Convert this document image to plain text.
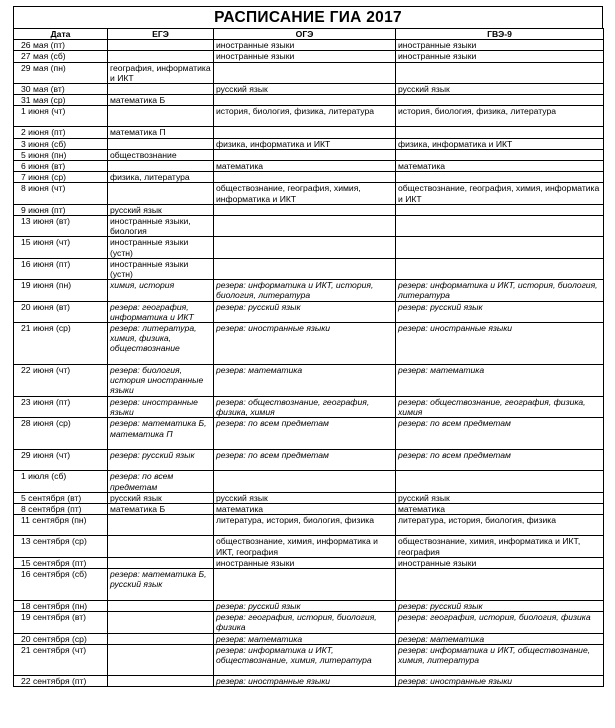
РАСПИСАНИЕ ГИА 2017
Дата	ЕГЭ	ОГЭ	ГВЭ-9
26 мая (пт)		иностранные языки	иностранные языки
27 мая (сб)		иностранные языки	иностранные языки
29 мая (пн)	география, информатика и ИКТ		
30 мая (вт)		русский язык	русский язык
31 мая (ср)	математика Б		
1 июня (чт)		история, биология, физика, литература	история, биология, физика, литература
2 июня (пт)	математика П		
3 июня (сб)		физика, информатика и ИКТ	физика, информатика и ИКТ
5 июня (пн)	обществознание		
6 июня (вт)		математика	математика
7 июня (ср)	физика, литература		
8 июня (чт)		обществознание, география, химия, информатика и ИКТ	обществознание, география, химия, информатика и ИКТ
9 июня (пт)	русский язык		
13 июня (вт)	иностранные языки, биология		
15 июня (чт)	иностранные языки (устн)		
16 июня (пт)	иностранные языки (устн)		
19 июня (пн)	химия, история	резерв: информатика и ИКТ, история, биология, литература	резерв: информатика и ИКТ, история, биология, литература
20 июня (вт)	резерв: география, информатика и ИКТ	резерв: русский язык	резерв: русский язык
21 июня (ср)	резерв: литература, химия, физика, обществознание	резерв: иностранные языки	резерв: иностранные языки
22 июня (чт)	резерв: биология, история иностранные языки	резерв: математика	резерв: математика
23 июня (пт)	резерв: иностранные языки	резерв: обществознание, география, физика, химия	резерв: обществознание, география, физика, химия
28 июня (ср)	резерв: математика Б, математика П	резерв: по всем предметам	резерв: по всем предметам
29 июня (чт)	резерв: русский язык	резерв: по всем предметам	резерв: по всем предметам
1 июля (сб)	резерв: по всем предметам		
5 сентября (вт)	русский язык	русский язык	русский язык
8 сентября (пт)	математика Б	математика	математика
11 сентября (пн)		литература, история, биология, физика	литература, история, биология, физика
13 сентября (ср)		обществознание, химия, информатика и ИКТ, география	обществознание, химия, информатика и ИКТ, география
15 сентября (пт)		иностранные языки	иностранные языки
16 сентября (сб)	резерв: математика Б, русский язык		
18 сентября (пн)		резерв: русский язык	резерв: русский язык
19 сентября (вт)		резерв: география, история, биология, физика	резерв: география, история, биология, физика
20 сентября (ср)		резерв: математика	резерв: математика
21 сентября (чт)		резерв: информатика и ИКТ, обществознание, химия, литература	резерв: информатика и ИКТ, обществознание, химия, литература
22 сентября (пт)		резерв: иностранные языки	резерв: иностранные языки
